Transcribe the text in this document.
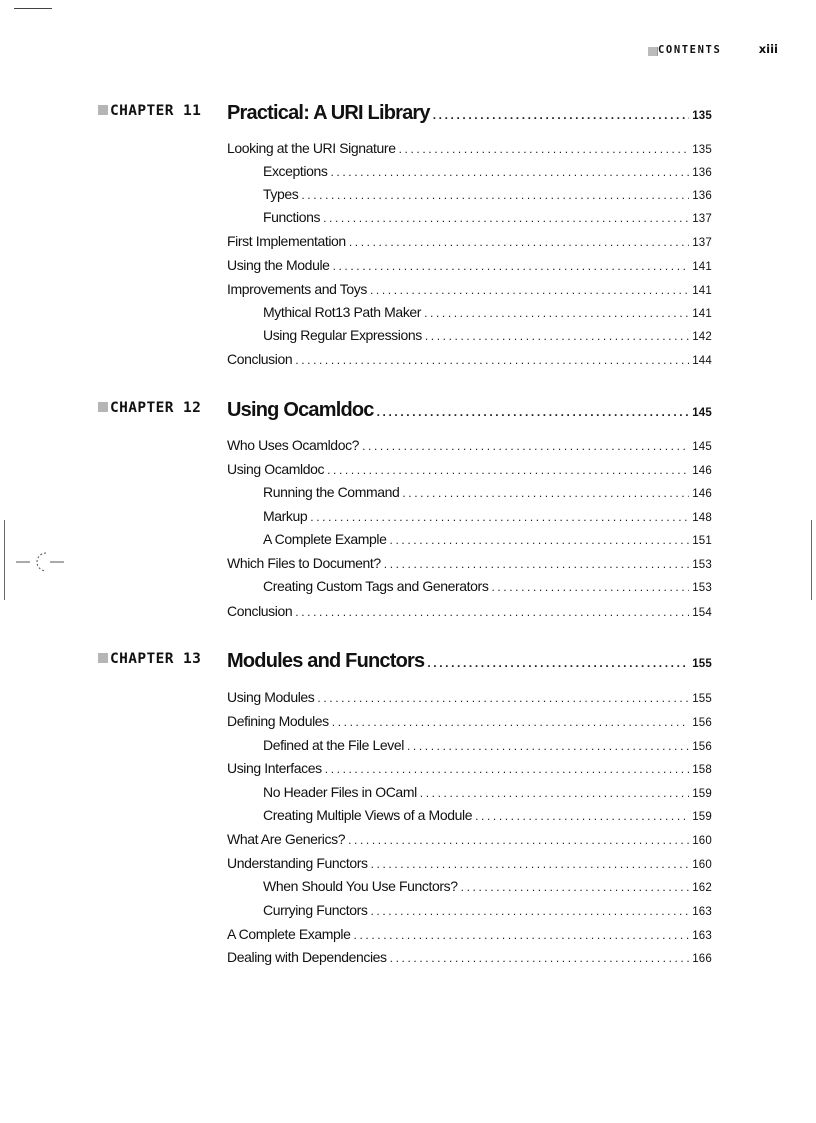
CONTENTS	xiii
CHAPTER 11 Practical: A URI Library .....	135
Looking at the URI Signature .....	135
Exceptions .....	136
Types .....	136
Functions .....	137
First Implementation .....	137
Using the Module .....	141
Improvements and Toys .....	141
Mythical Rot13 Path Maker .....	141
Using Regular Expressions .....	142
Conclusion .....	144
CHAPTER 12 Using Ocamldoc .....	145
Who Uses Ocamldoc? .....	145
Using Ocamldoc .....	146
Running the Command .....	146
Markup .....	148
A Complete Example .....	151
Which Files to Document? .....	153
Creating Custom Tags and Generators .....	153
Conclusion .....	154
CHAPTER 13 Modules and Functors .....	155
Using Modules .....	155
Defining Modules .....	156
Defined at the File Level .....	156
Using Interfaces .....	158
No Header Files in OCaml .....	159
Creating Multiple Views of a Module .....	159
What Are Generics? .....	160
Understanding Functors .....	160
When Should You Use Functors? .....	162
Currying Functors .....	163
A Complete Example .....	163
Dealing with Dependencies .....	166
